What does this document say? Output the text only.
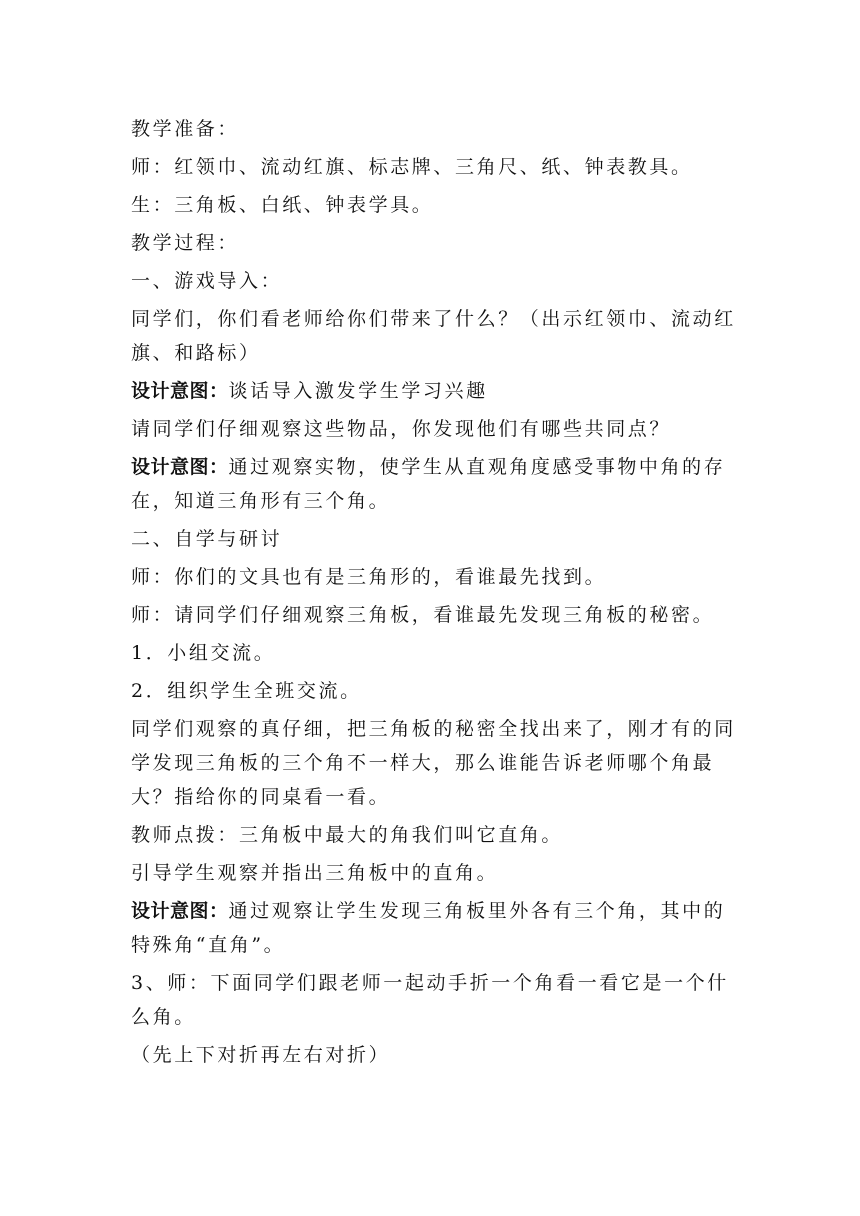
教学准备：
师：红领巾、流动红旗、标志牌、三角尺、纸、钟表教具。
生：三角板、白纸、钟表学具。
教学过程：
一、游戏导入：
同学们，你们看老师给你们带来了什么？（出示红领巾、流动红
旗、和路标）
设计意图：谈话导入激发学生学习兴趣
请同学们仔细观察这些物品，你发现他们有哪些共同点？
设计意图：通过观察实物，使学生从直观角度感受事物中角的存
在，知道三角形有三个角。
二、自学与研讨
师：你们的文具也有是三角形的，看谁最先找到。
师：请同学们仔细观察三角板，看谁最先发现三角板的秘密。
1．小组交流。
2．组织学生全班交流。
同学们观察的真仔细，把三角板的秘密全找出来了，刚才有的同
学发现三角板的三个角不一样大，那么谁能告诉老师哪个角最
大？指给你的同桌看一看。
教师点拨：三角板中最大的角我们叫它直角。
引导学生观察并指出三角板中的直角。
设计意图：通过观察让学生发现三角板里外各有三个角，其中的
特殊角“直角”。
3、师：下面同学们跟老师一起动手折一个角看一看它是一个什
么角。
（先上下对折再左右对折）
